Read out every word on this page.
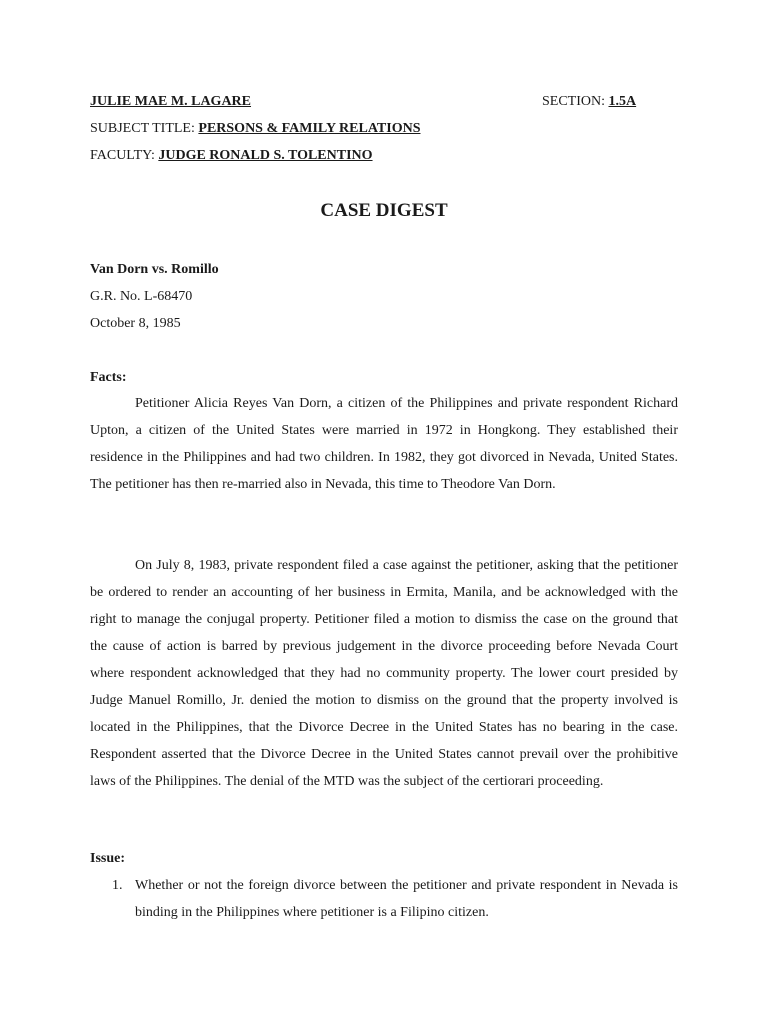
JULIE MAE M. LAGARE	SECTION: 1.5A
SUBJECT TITLE: PERSONS & FAMILY RELATIONS
FACULTY: JUDGE RONALD S. TOLENTINO
CASE DIGEST
Van Dorn vs. Romillo
G.R. No. L-68470
October 8, 1985
Facts:

Petitioner Alicia Reyes Van Dorn, a citizen of the Philippines and private respondent Richard Upton, a citizen of the United States were married in 1972 in Hongkong. They established their residence in the Philippines and had two children. In 1982, they got divorced in Nevada, United States. The petitioner has then re-married also in Nevada, this time to Theodore Van Dorn.

On July 8, 1983, private respondent filed a case against the petitioner, asking that the petitioner be ordered to render an accounting of her business in Ermita, Manila, and be acknowledged with the right to manage the conjugal property. Petitioner filed a motion to dismiss the case on the ground that the cause of action is barred by previous judgement in the divorce proceeding before Nevada Court where respondent acknowledged that they had no community property. The lower court presided by Judge Manuel Romillo, Jr. denied the motion to dismiss on the ground that the property involved is located in the Philippines, that the Divorce Decree in the United States has no bearing in the case. Respondent asserted that the Divorce Decree in the United States cannot prevail over the prohibitive laws of the Philippines. The denial of the MTD was the subject of the certiorari proceeding.

Issue:
1. Whether or not the foreign divorce between the petitioner and private respondent in Nevada is binding in the Philippines where petitioner is a Filipino citizen.
